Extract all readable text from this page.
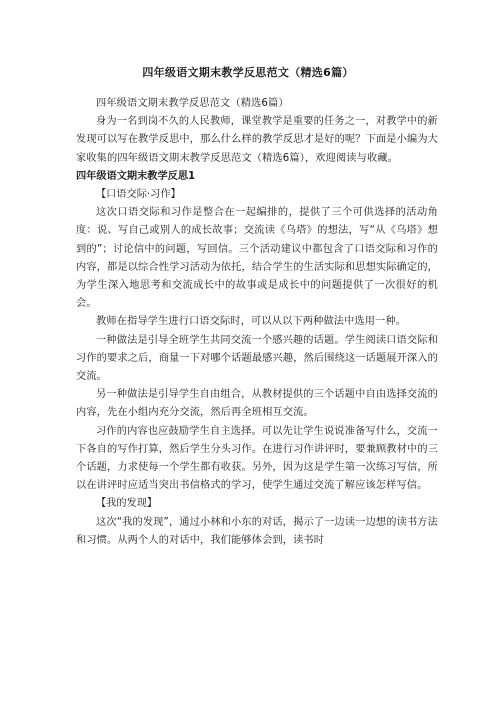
四年级语文期末教学反思范文（精选6篇）

四年级语文期末教学反思范文（精选6篇）

身为一名到岗不久的人民教师，课堂教学是重要的任务之一，对教学中的新发现可以写在教学反思中，那么什么样的教学反思才是好的呢？下面是小编为大家收集的四年级语文期末教学反思范文（精选6篇），欢迎阅读与收藏。

四年级语文期末教学反思1

【口语交际·习作】

这次口语交际和习作是整合在一起编排的，提供了三个可供选择的活动角度：说、写自己或别人的成长故事；交流读《乌塔》的想法，写“从《乌塔》想到的”；讨论信中的问题，写回信。三个活动建议中都包含了口语交际和习作的内容，都是以综合性学习活动为依托，结合学生的生活实际和思想实际确定的，为学生深入地思考和交流成长中的故事或是成长中的问题提供了一次很好的机会。

教师在指导学生进行口语交际时，可以从以下两种做法中选用一种。

一种做法是引导全班学生共同交流一个感兴趣的话题。学生阅读口语交际和习作的要求之后，商量一下对哪个话题最感兴趣，然后围绕这一话题展开深入的交流。

另一种做法是引导学生自由组合，从教材提供的三个话题中自由选择交流的内容，先在小组内充分交流，然后再全班相互交流。

习作的内容也应鼓励学生自主选择。可以先让学生说说准备写什么，交流一下各自的写作打算，然后学生分头习作。在进行习作讲评时，要兼顾教材中的三个话题，力求使每一个学生都有收获。另外，因为这是学生第一次练习写信，所以在讲评时应适当突出书信格式的学习，使学生通过交流了解应该怎样写信。

【我的发现】

这次“我的发现”，通过小林和小东的对话，揭示了一边读一边想的读书方法和习惯。从两个人的对话中，我们能够体会到，读书时
